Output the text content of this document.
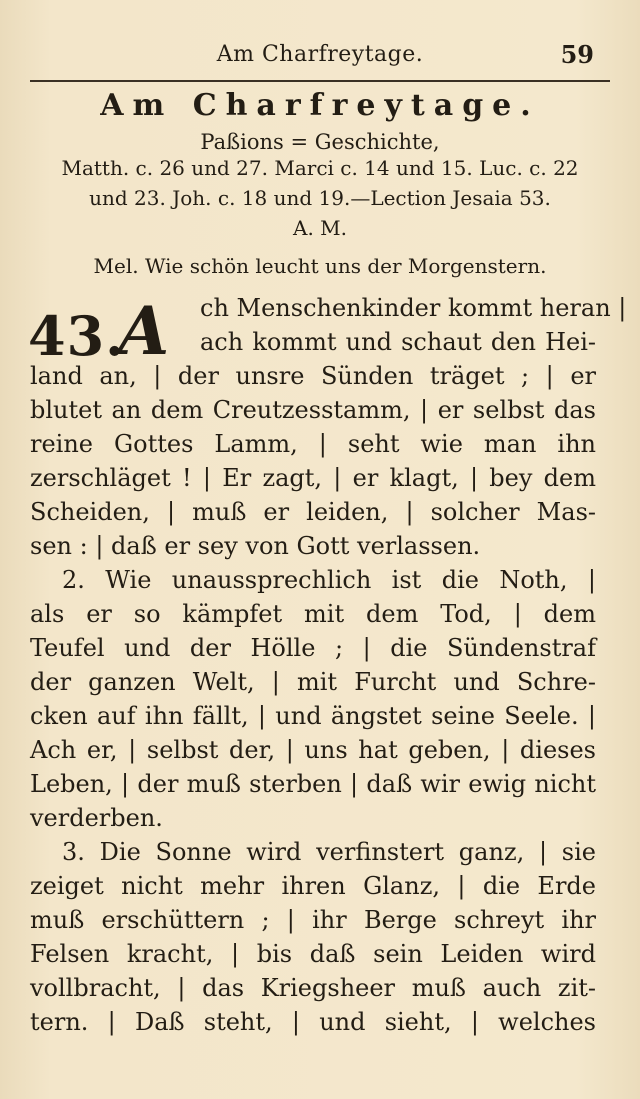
Am Charfreytage.	59
Am Charfreytage.
Paßions = Geschichte,
Matth. c. 26 und 27. Marci c. 14 und 15. Luc. c. 22
und 23. Joh. c. 18 und 19.—Lection Jesaia 53.
A. M.
Mel. Wie schön leucht uns der Morgenstern.
43.
A ch Menschenkinder kommt heran |
ach kommt und schaut den Hei-
land an, | der unsre Sünden träget ; | er
blutet an dem Creutzesstamm, | er selbst das
reine Gottes Lamm, | seht wie man ihn
zerschläget ! | Er zagt, | er klagt, | bey dem
Scheiden, | muß er leiden, | solcher Mas-
sen : | daß er sey von Gott verlassen.
2. Wie unaussprechlich ist die Noth, |
als er so kämpfet mit dem Tod, | dem
Teufel und der Hölle ; | die Sündenstraf
der ganzen Welt, | mit Furcht und Schre-
cken auf ihn fällt, | und ängstet seine Seele. |
Ach er, | selbst der, | uns hat geben, | dieses
Leben, | der muß sterben | daß wir ewig nicht
verderben.
3. Die Sonne wird verfinstert ganz, | sie
zeiget nicht mehr ihren Glanz, | die Erde
muß erschüttern ; | ihr Berge schreyt ihr
Felsen kracht, | bis daß sein Leiden wird
vollbracht, | das Kriegsheer muß auch zit-
tern. | Daß steht, | und sieht, | welches
